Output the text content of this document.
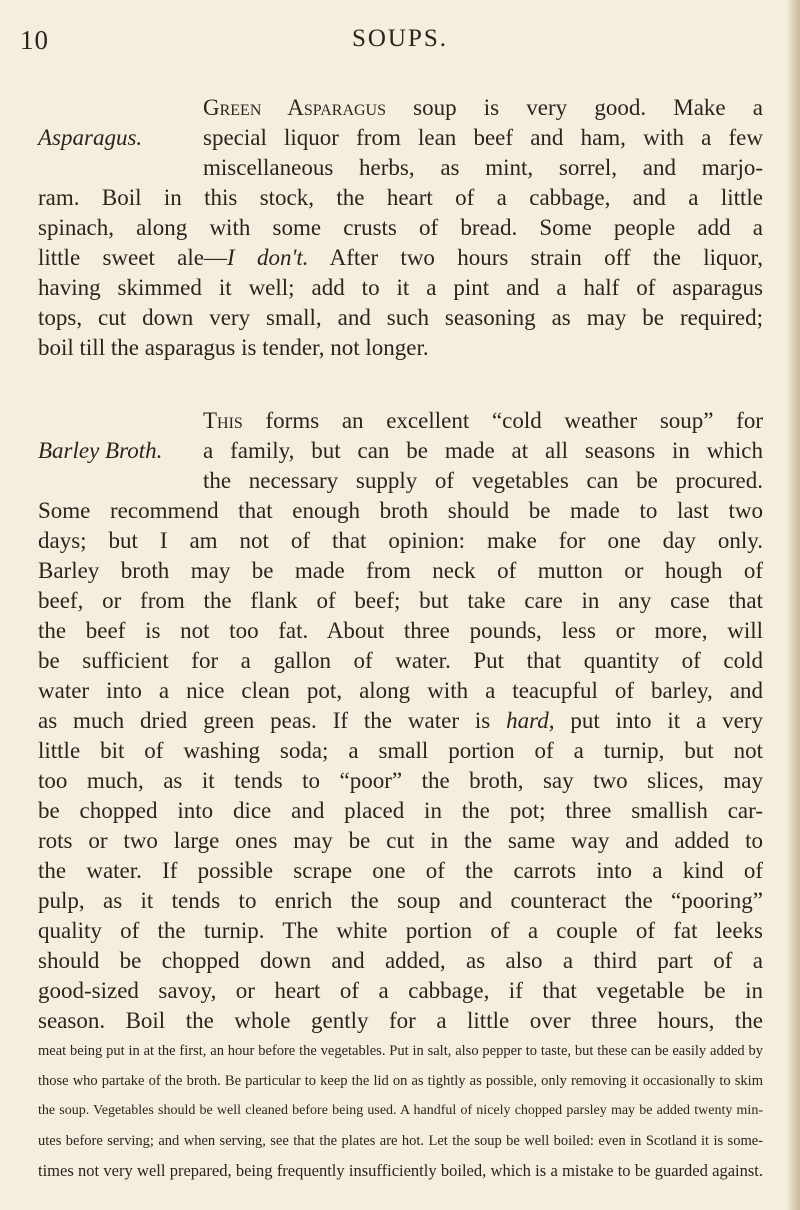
10	SOUPS.
Green Asparagus soup is very good. Make a
Asparagus.	special liquor from lean beef and ham, with a few
miscellaneous herbs, as mint, sorrel, and marjo-
ram. Boil in this stock, the heart of a cabbage, and a little
spinach, along with some crusts of bread. Some people add a
little sweet ale—I don't. After two hours strain off the liquor,
having skimmed it well; add to it a pint and a half of asparagus
tops, cut down very small, and such seasoning as may be required;
boil till the asparagus is tender, not longer.
This forms an excellent “cold weather soup” for
Barley Broth. a family, but can be made at all seasons in which
the necessary supply of vegetables can be procured.
Some recommend that enough broth should be made to last two
days; but I am not of that opinion: make for one day only.
Barley broth may be made from neck of mutton or hough of
beef, or from the flank of beef; but take care in any case that
the beef is not too fat. About three pounds, less or more, will
be sufficient for a gallon of water. Put that quantity of cold
water into a nice clean pot, along with a teacupful of barley, and
as much dried green peas. If the water is hard, put into it a very
little bit of washing soda; a small portion of a turnip, but not
too much, as it tends to “poor” the broth, say two slices, may
be chopped into dice and placed in the pot; three smallish car-
rots or two large ones may be cut in the same way and added to
the water. If possible scrape one of the carrots into a kind of
pulp, as it tends to enrich the soup and counteract the “pooring”
quality of the turnip. The white portion of a couple of fat leeks
should be chopped down and added, as also a third part of a
good-sized savoy, or heart of a cabbage, if that vegetable be in
season. Boil the whole gently for a little over three hours, the
meat being put in at the first, an hour before the vegetables. Put in salt, also pepper to taste, but these can be easily added by
those who partake of the broth. Be particular to keep the lid on as tightly as possible, only removing it occasionally to skim
the soup. Vegetables should be well cleaned before being used. A handful of nicely chopped parsley may be added twenty min-
utes before serving; and when serving, see that the plates are hot. Let the soup be well boiled: even in Scotland it is some-
times not very well prepared, being frequently insufficiently boiled, which is a mistake to be guarded against.
